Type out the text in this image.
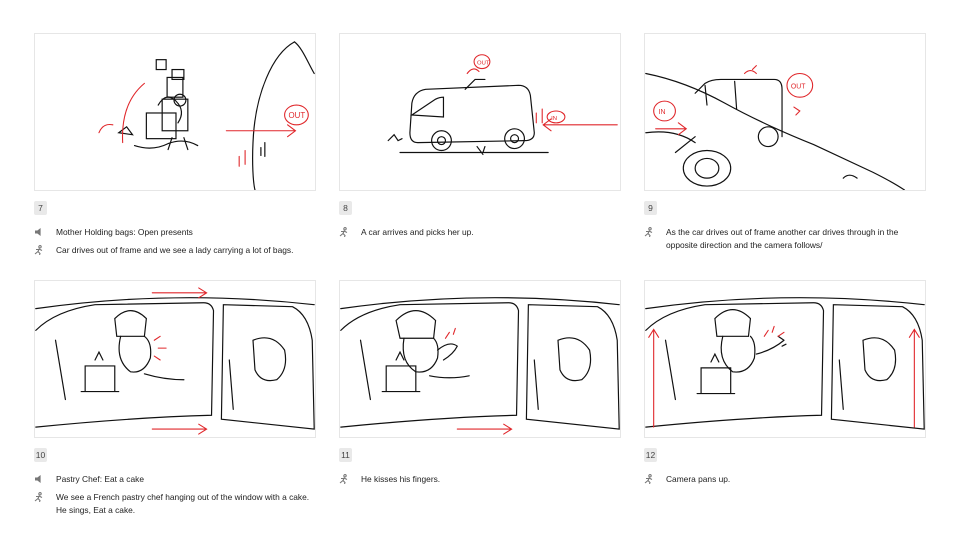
OUT
7
Mother Holding bags: Open presents
Car drives out of frame and we see a lady carrying a lot of bags.
OUT
IN
8
A car arrives and picks her up.
IN
OUT
9
As the car drives out of frame another car drives through in the opposite direction and the camera follows/
10
Pastry Chef: Eat a cake
We see a French pastry chef hanging out of the window with a cake. He sings, Eat a cake.
11
He kisses his fingers.
12
Camera pans up.
